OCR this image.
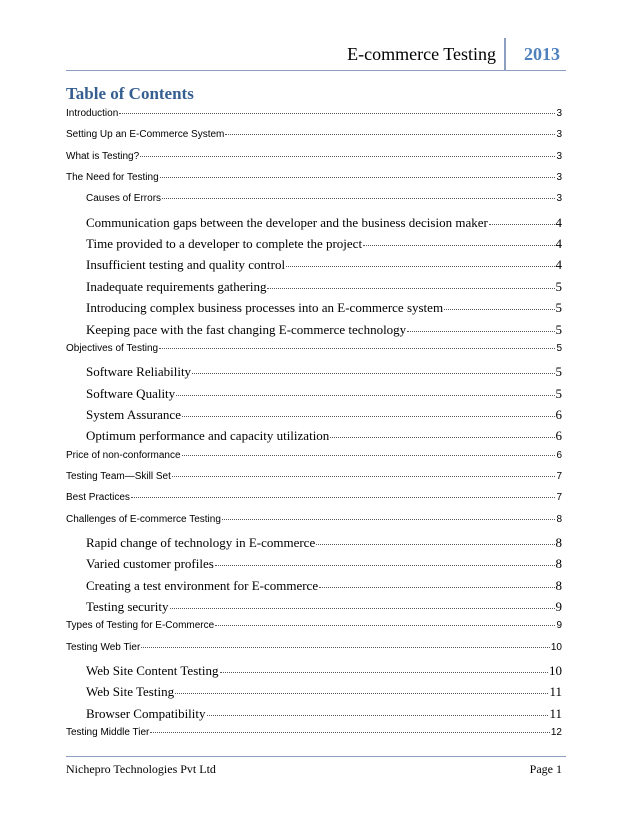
E-commerce Testing 2013
Table of Contents
Introduction	3
Setting Up an E-Commerce System	3
What is Testing?	3
The Need for Testing	3
Causes of Errors	3
Communication gaps between the developer and the business decision maker	4
Time provided to a developer to complete the project	4
Insufficient testing and quality control	4
Inadequate requirements gathering	5
Introducing complex business processes into an E-commerce system	5
Keeping pace with the fast changing E-commerce technology	5
Objectives of Testing	5
Software Reliability	5
Software Quality	5
System Assurance	6
Optimum performance and capacity utilization	6
Price of non-conformance	6
Testing Team—Skill Set	7
Best Practices	7
Challenges of E-commerce Testing	8
Rapid change of technology in E-commerce	8
Varied customer profiles	8
Creating a test environment for E-commerce	8
Testing security	9
Types of Testing for E-Commerce	9
Testing Web Tier	10
Web Site Content Testing	10
Web Site Testing	11
Browser Compatibility	11
Testing Middle Tier	12
Nichepro Technologies Pvt Ltd	Page 1
